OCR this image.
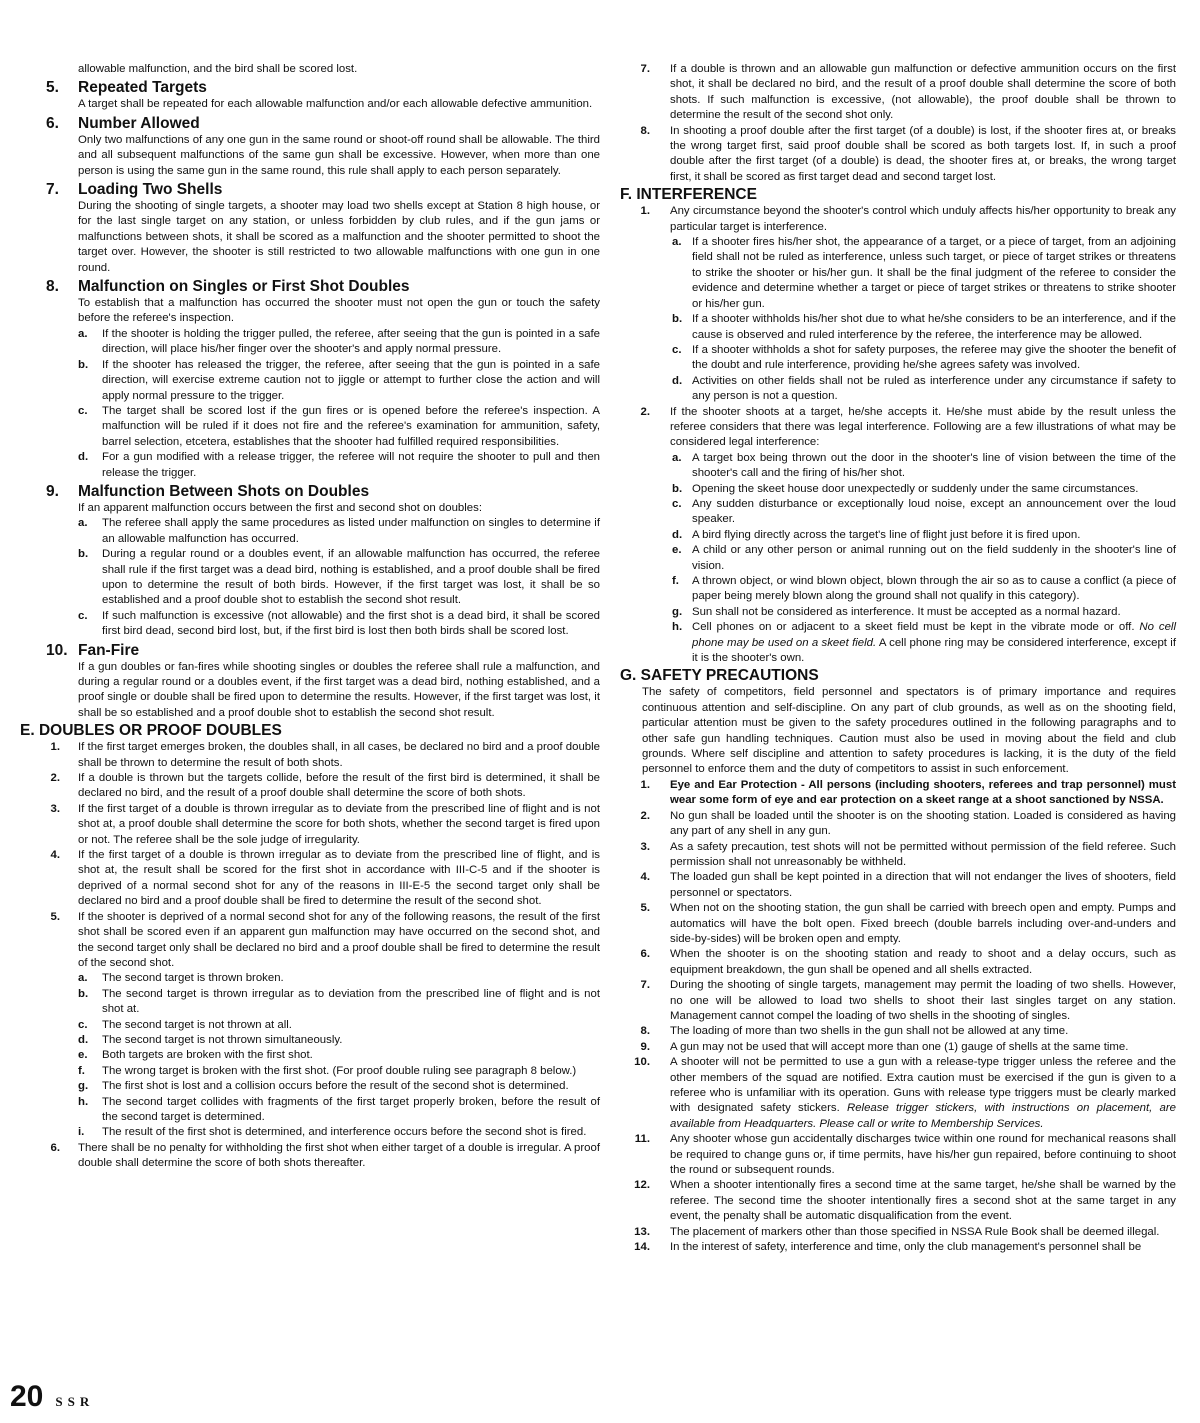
allowable malfunction, and the bird shall be scored lost.
5. Repeated Targets
A target shall be repeated for each allowable malfunction and/or each allowable defective ammunition.
6. Number Allowed
Only two malfunctions of any one gun in the same round or shoot-off round shall be allowable. The third and all subsequent malfunctions of the same gun shall be excessive. However, when more than one person is using the same gun in the same round, this rule shall apply to each person separately.
7. Loading Two Shells
During the shooting of single targets, a shooter may load two shells except at Station 8 high house, or for the last single target on any station, or unless forbidden by club rules, and if the gun jams or malfunctions between shots, it shall be scored as a malfunction and the shooter permitted to shoot the target over. However, the shooter is still restricted to two allowable malfunctions with one gun in one round.
8. Malfunction on Singles or First Shot Doubles
To establish that a malfunction has occurred the shooter must not open the gun or touch the safety before the referee's inspection.
a. If the shooter is holding the trigger pulled, the referee, after seeing that the gun is pointed in a safe direction, will place his/her finger over the shooter's and apply normal pressure.
b. If the shooter has released the trigger, the referee, after seeing that the gun is pointed in a safe direction, will exercise extreme caution not to jiggle or attempt to further close the action and will apply normal pressure to the trigger.
c. The target shall be scored lost if the gun fires or is opened before the referee's inspection. A malfunction will be ruled if it does not fire and the referee's examination for ammunition, safety, barrel selection, etcetera, establishes that the shooter had fulfilled required responsibilities.
d. For a gun modified with a release trigger, the referee will not require the shooter to pull and then release the trigger.
9. Malfunction Between Shots on Doubles
If an apparent malfunction occurs between the first and second shot on doubles:
a. The referee shall apply the same procedures as listed under malfunction on singles to determine if an allowable malfunction has occurred.
b. During a regular round or a doubles event, if an allowable malfunction has occurred, the referee shall rule if the first target was a dead bird, nothing is established, and a proof double shall be fired upon to determine the result of both birds. However, if the first target was lost, it shall be so established and a proof double shot to establish the second shot result.
c. If such malfunction is excessive (not allowable) and the first shot is a dead bird, it shall be scored first bird dead, second bird lost, but, if the first bird is lost then both birds shall be scored lost.
10. Fan-Fire
If a gun doubles or fan-fires while shooting singles or doubles the referee shall rule a malfunction, and during a regular round or a doubles event, if the first target was a dead bird, nothing established, and a proof single or double shall be fired upon to determine the results. However, if the first target was lost, it shall be so established and a proof double shot to establish the second shot result.
E. DOUBLES OR PROOF DOUBLES
1. If the first target emerges broken, the doubles shall, in all cases, be declared no bird and a proof double shall be thrown to determine the result of both shots.
2. If a double is thrown but the targets collide, before the result of the first bird is determined, it shall be declared no bird, and the result of a proof double shall determine the score of both shots.
3. If the first target of a double is thrown irregular as to deviate from the prescribed line of flight and is not shot at, a proof double shall determine the score for both shots, whether the second target is fired upon or not. The referee shall be the sole judge of irregularity.
4. If the first target of a double is thrown irregular as to deviate from the prescribed line of flight, and is shot at, the result shall be scored for the first shot in accordance with III-C-5 and if the shooter is deprived of a normal second shot for any of the reasons in III-E-5 the second target only shall be declared no bird and a proof double shall be fired to determine the result of the second shot.
5. If the shooter is deprived of a normal second shot for any of the following reasons, the result of the first shot shall be scored even if an apparent gun malfunction may have occurred on the second shot, and the second target only shall be declared no bird and a proof double shall be fired to determine the result of the second shot.
a. The second target is thrown broken.
b. The second target is thrown irregular as to deviation from the prescribed line of flight and is not shot at.
c. The second target is not thrown at all.
d. The second target is not thrown simultaneously.
e. Both targets are broken with the first shot.
f. The wrong target is broken with the first shot. (For proof double ruling see paragraph 8 below.)
g. The first shot is lost and a collision occurs before the result of the second shot is determined.
h. The second target collides with fragments of the first target properly broken, before the result of the second target is determined.
i. The result of the first shot is determined, and interference occurs before the second shot is fired.
6. There shall be no penalty for withholding the first shot when either target of a double is irregular. A proof double shall determine the score of both shots thereafter.
7. If a double is thrown and an allowable gun malfunction or defective ammunition occurs on the first shot, it shall be declared no bird, and the result of a proof double shall determine the score of both shots. If such malfunction is excessive, (not allowable), the proof double shall be thrown to determine the result of the second shot only.
8. In shooting a proof double after the first target (of a double) is lost, if the shooter fires at, or breaks the wrong target first, said proof double shall be scored as both targets lost. If, in such a proof double after the first target (of a double) is dead, the shooter fires at, or breaks, the wrong target first, it shall be scored as first target dead and second target lost.
F. INTERFERENCE
1. Any circumstance beyond the shooter's control which unduly affects his/her opportunity to break any particular target is interference.
a. If a shooter fires his/her shot, the appearance of a target, or a piece of target, from an adjoining field shall not be ruled as interference, unless such target, or piece of target strikes or threatens to strike the shooter or his/her gun. It shall be the final judgment of the referee to consider the evidence and determine whether a target or piece of target strikes or threatens to strike shooter or his/her gun.
b. If a shooter withholds his/her shot due to what he/she considers to be an interference, and if the cause is observed and ruled interference by the referee, the interference may be allowed.
c. If a shooter withholds a shot for safety purposes, the referee may give the shooter the benefit of the doubt and rule interference, providing he/she agrees safety was involved.
d. Activities on other fields shall not be ruled as interference under any circumstance if safety to any person is not a question.
2. If the shooter shoots at a target, he/she accepts it. He/she must abide by the result unless the referee considers that there was legal interference. Following are a few illustrations of what may be considered legal interference:
a. A target box being thrown out the door in the shooter's line of vision between the time of the shooter's call and the firing of his/her shot.
b. Opening the skeet house door unexpectedly or suddenly under the same circumstances.
c. Any sudden disturbance or exceptionally loud noise, except an announcement over the loud speaker.
d. A bird flying directly across the target's line of flight just before it is fired upon.
e. A child or any other person or animal running out on the field suddenly in the shooter's line of vision.
f. A thrown object, or wind blown object, blown through the air so as to cause a conflict (a piece of paper being merely blown along the ground shall not qualify in this category).
g. Sun shall not be considered as interference. It must be accepted as a normal hazard.
h. Cell phones on or adjacent to a skeet field must be kept in the vibrate mode or off. No cell phone may be used on a skeet field. A cell phone ring may be considered interference, except if it is the shooter's own.
G. SAFETY PRECAUTIONS
The safety of competitors, field personnel and spectators is of primary importance and requires continuous attention and self-discipline. On any part of club grounds, as well as on the shooting field, particular attention must be given to the safety procedures outlined in the following paragraphs and to other safe gun handling techniques. Caution must also be used in moving about the field and club grounds. Where self discipline and attention to safety procedures is lacking, it is the duty of the field personnel to enforce them and the duty of competitors to assist in such enforcement.
1. Eye and Ear Protection - All persons (including shooters, referees and trap personnel) must wear some form of eye and ear protection on a skeet range at a shoot sanctioned by NSSA.
2. No gun shall be loaded until the shooter is on the shooting station. Loaded is considered as having any part of any shell in any gun.
3. As a safety precaution, test shots will not be permitted without permission of the field referee. Such permission shall not unreasonably be withheld.
4. The loaded gun shall be kept pointed in a direction that will not endanger the lives of shooters, field personnel or spectators.
5. When not on the shooting station, the gun shall be carried with breech open and empty. Pumps and automatics will have the bolt open. Fixed breech (double barrels including over-and-unders and side-by-sides) will be broken open and empty.
6. When the shooter is on the shooting station and ready to shoot and a delay occurs, such as equipment breakdown, the gun shall be opened and all shells extracted.
7. During the shooting of single targets, management may permit the loading of two shells. However, no one will be allowed to load two shells to shoot their last singles target on any station. Management cannot compel the loading of two shells in the shooting of singles.
8. The loading of more than two shells in the gun shall not be allowed at any time.
9. A gun may not be used that will accept more than one (1) gauge of shells at the same time.
10. A shooter will not be permitted to use a gun with a release-type trigger unless the referee and the other members of the squad are notified. Extra caution must be exercised if the gun is given to a referee who is unfamiliar with its operation. Guns with release type triggers must be clearly marked with designated safety stickers. Release trigger stickers, with instructions on placement, are available from Headquarters. Please call or write to Membership Services.
11. Any shooter whose gun accidentally discharges twice within one round for mechanical reasons shall be required to change guns or, if time permits, have his/her gun repaired, before continuing to shoot the round or subsequent rounds.
12. When a shooter intentionally fires a second time at the same target, he/she shall be warned by the referee. The second time the shooter intentionally fires a second shot at the same target in any event, the penalty shall be automatic disqualification from the event.
13. The placement of markers other than those specified in NSSA Rule Book shall be deemed illegal.
14. In the interest of safety, interference and time, only the club management's personnel shall be
20 SSR
